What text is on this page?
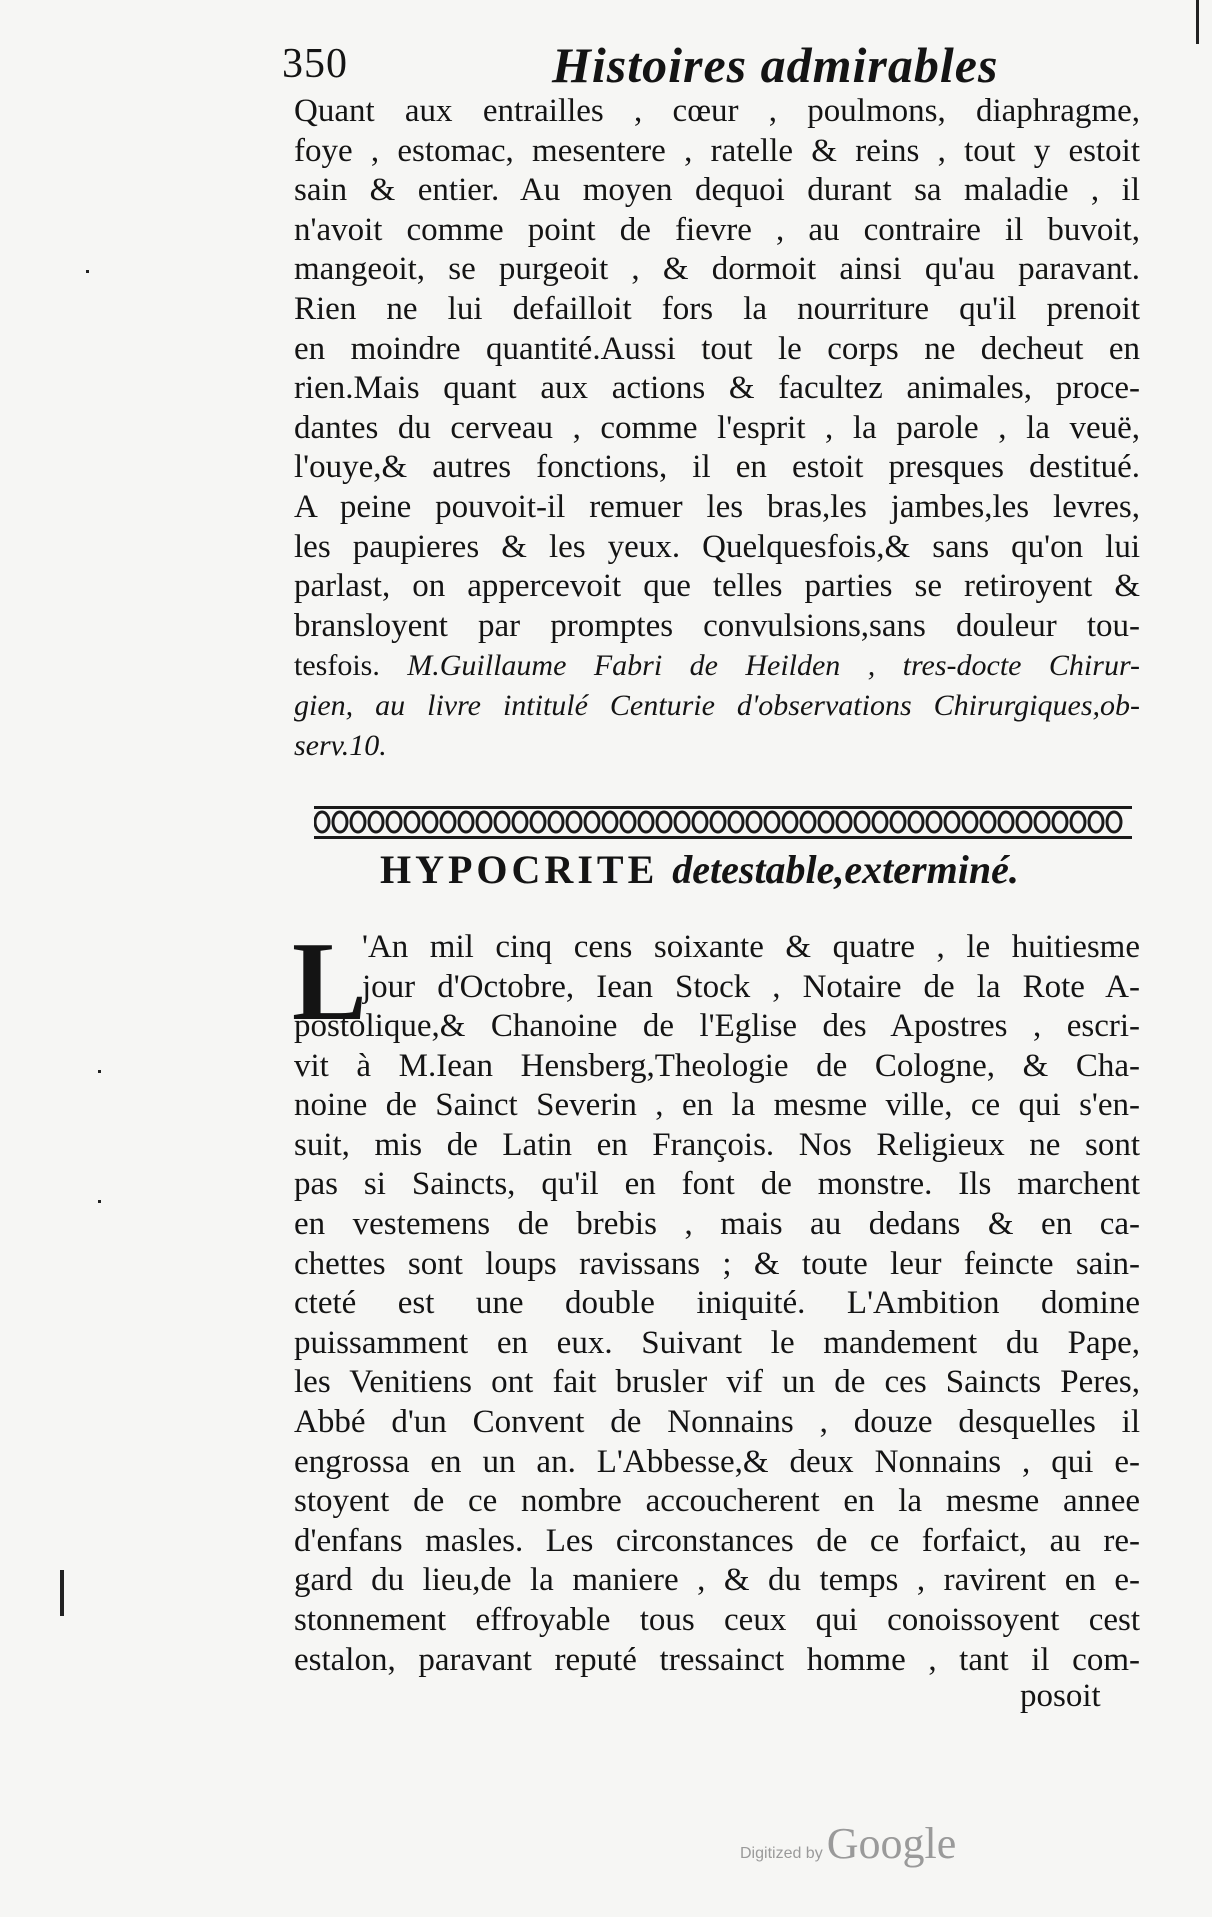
350	Histoires admirables
Quant aux entrailles , cœur , poulmons, diaphragme,
foye , estomac, mesentere , ratelle & reins , tout y estoit
sain & entier. Au moyen dequoi durant sa maladie , il
n'avoit comme point de fievre , au contraire il buvoit,
mangeoit, se purgeoit , & dormoit ainsi qu'au paravant.
Rien ne lui defailloit fors la nourriture qu'il prenoit
en moindre quantité.Aussi tout le corps ne decheut en
rien.Mais quant aux actions & facultez animales, proce-
dantes du cerveau , comme l'esprit , la parole , la veuë,
l'ouye,& autres fonctions, il en estoit presques destitué.
A peine pouvoit-il remuer les bras,les jambes,les levres,
les paupieres & les yeux. Quelquesfois,& sans qu'on lui
parlast, on appercevoit que telles parties se retiroyent &
bransloyent par promptes convulsions,sans douleur tou-
tesfois. M.Guillaume Fabri de Heilden , tres-docte Chirur-
gien, au livre intitulé Centurie d'observations Chirurgiques,ob-
serv.10.
HYPOCRITE detestable,exterminé.
L
'An mil cinq cens soixante & quatre , le huitiesme
jour d'Octobre, Iean Stock , Notaire de la Rote A-
postolique,& Chanoine de l'Eglise des Apostres , escri-
vit à M.Iean Hensberg,Theologie de Cologne, & Cha-
noine de Sainct Severin , en la mesme ville, ce qui s'en-
suit, mis de Latin en François. Nos Religieux ne sont
pas si Saincts, qu'il en font de monstre. Ils marchent
en vestemens de brebis , mais au dedans & en ca-
chettes sont loups ravissans ; & toute leur feincte sain-
cteté est une double iniquité. L'Ambition domine
puissamment en eux. Suivant le mandement du Pape,
les Venitiens ont fait brusler vif un de ces Saincts Peres,
Abbé d'un Convent de Nonnains , douze desquelles il
engrossa en un an. L'Abbesse,& deux Nonnains , qui e-
stoyent de ce nombre accoucherent en la mesme annee
d'enfans masles. Les circonstances de ce forfaict, au re-
gard du lieu,de la maniere , & du temps , ravirent en e-
stonnement effroyable tous ceux qui conoissoyent cest
estalon, paravant reputé tressainct homme , tant il com-
posoit
Digitized byGoogle
